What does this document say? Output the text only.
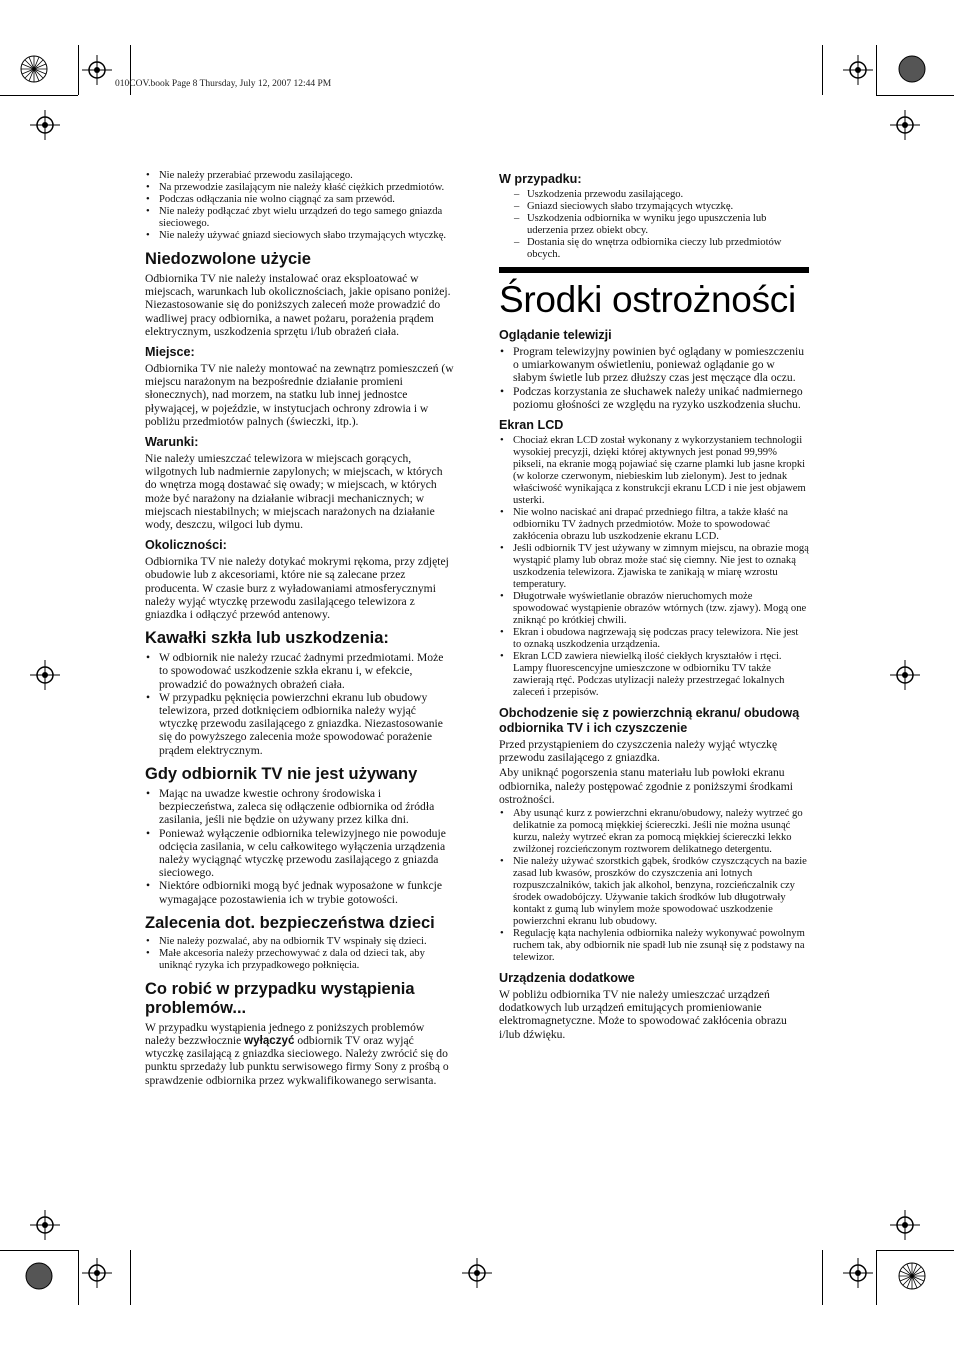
010COV.book Page 8 Thursday, July 12, 2007 12:44 PM
• Nie należy przerabiać przewodu zasilającego.
• Na przewodzie zasilającym nie należy kłaść ciężkich przedmiotów.
• Podczas odłączania nie wolno ciągnąć za sam przewód.
• Nie należy podłączać zbyt wielu urządzeń do tego samego gniazda sieciowego.
• Nie należy używać gniazd sieciowych słabo trzymających wtyczkę.
Niedozwolone użycie

Odbiornika TV nie należy instalować oraz eksploatować w miejscach, warunkach lub okolicznościach, jakie opisano poniżej. Niezastosowanie się do poniższych zaleceń może prowadzić do wadliwej pracy odbiornika, a nawet pożaru, porażenia prądem elektrycznym, uszkodzenia sprzętu i/lub obrażeń ciała.

Miejsce:

Odbiornika TV nie należy montować na zewnątrz pomieszczeń (w miejscu narażonym na bezpośrednie działanie promieni słonecznych), nad morzem, na statku lub innej jednostce pływającej, w pojeździe, w instytucjach ochrony zdrowia i w pobliżu przedmiotów palnych (świeczki, itp.).

Warunki:

Nie należy umieszczać telewizora w miejscach gorących, wilgotnych lub nadmiernie zapylonych; w miejscach, w których do wnętrza mogą dostawać się owady; w miejscach, w których może być narażony na działanie wibracji mechanicznych; w miejscach niestabilnych; w miejscach narażonych na działanie wody, deszczu, wilgoci lub dymu.

Okoliczności:

Odbiornika TV nie należy dotykać mokrymi rękoma, przy zdjętej obudowie lub z akcesoriami, które nie są zalecane przez producenta. W czasie burz z wyładowaniami atmosferycznymi należy wyjąć wtyczkę przewodu zasilającego telewizora z gniazdka i odłączyć przewód antenowy.

Kawałki szkła lub uszkodzenia:
• W odbiornik nie należy rzucać żadnymi przedmiotami. Może to spowodować uszkodzenie szkła ekranu i, w efekcie, prowadzić do poważnych obrażeń ciała.
• W przypadku pęknięcia powierzchni ekranu lub obudowy telewizora, przed dotknięciem odbiornika należy wyjąć wtyczkę przewodu zasilającego z gniazdka. Niezastosowanie się do powyższego zalecenia może spowodować porażenie prądem elektrycznym.
Gdy odbiornik TV nie jest używany
• Mając na uwadze kwestie ochrony środowiska i bezpieczeństwa, zaleca się odłączenie odbiornika od źródła zasilania, jeśli nie będzie on używany przez kilka dni.
• Ponieważ wyłączenie odbiornika telewizyjnego nie powoduje odcięcia zasilania, w celu całkowitego wyłączenia urządzenia należy wyciągnąć wtyczkę przewodu zasilającego z gniazda sieciowego.
• Niektóre odbiorniki mogą być jednak wyposażone w funkcje wymagające pozostawienia ich w trybie gotowości.
Zalecenia dot. bezpieczeństwa dzieci
• Nie należy pozwalać, aby na odbiornik TV wspinały się dzieci.
• Małe akcesoria należy przechowywać z dala od dzieci tak, aby uniknąć ryzyka ich przypadkowego połknięcia.
Co robić w przypadku wystąpienia problemów...

W przypadku wystąpienia jednego z poniższych problemów należy bezzwłocznie wyłączyć odbiornik TV oraz wyjąć wtyczkę zasilającą z gniazdka sieciowego. Należy zwrócić się do punktu sprzedaży lub punktu serwisowego firmy Sony z prośbą o sprawdzenie odbiornika przez wykwalifikowanego serwisanta.

W przypadku:
– Uszkodzenia przewodu zasilającego.
– Gniazd sieciowych słabo trzymających wtyczkę.
– Uszkodzenia odbiornika w wyniku jego upuszczenia lub uderzenia przez obiekt obcy.
– Dostania się do wnętrza odbiornika cieczy lub przedmiotów obcych.
Środki ostrożności
Oglądanie telewizji
• Program telewizyjny powinien być oglądany w pomieszczeniu o umiarkowanym oświetleniu, ponieważ oglądanie go w słabym świetle lub przez dłuższy czas jest męczące dla oczu.
• Podczas korzystania ze słuchawek należy unikać nadmiernego poziomu głośności ze względu na ryzyko uszkodzenia słuchu.
Ekran LCD
• Chociaż ekran LCD został wykonany z wykorzystaniem technologii wysokiej precyzji, dzięki której aktywnych jest ponad 99,99% pikseli, na ekranie mogą pojawiać się czarne plamki lub jasne kropki (w kolorze czerwonym, niebieskim lub zielonym). Jest to jednak właściwość wynikająca z konstrukcji ekranu LCD i nie jest objawem usterki.
• Nie wolno naciskać ani drapać przedniego filtra, a także kłaść na odbiorniku TV żadnych przedmiotów. Może to spowodować zakłócenia obrazu lub uszkodzenie ekranu LCD.
• Jeśli odbiornik TV jest używany w zimnym miejscu, na obrazie mogą wystąpić plamy lub obraz może stać się ciemny. Nie jest to oznaką uszkodzenia telewizora. Zjawiska te zanikają w miarę wzrostu temperatury.
• Długotrwałe wyświetlanie obrazów nieruchomych może spowodować wystąpienie obrazów wtórnych (tzw. zjawy). Mogą one zniknąć po krótkiej chwili.
• Ekran i obudowa nagrzewają się podczas pracy telewizora. Nie jest to oznaką uszkodzenia urządzenia.
• Ekran LCD zawiera niewielką ilość ciekłych kryształów i rtęci. Lampy fluorescencyjne umieszczone w odbiorniku TV także zawierają rtęć. Podczas utylizacji należy przestrzegać lokalnych zaleceń i przepisów.
Obchodzenie się z powierzchnią ekranu/ obudową odbiornika TV i ich czyszczenie

Przed przystąpieniem do czyszczenia należy wyjąć wtyczkę przewodu zasilającego z gniazdka.

Aby uniknąć pogorszenia stanu materiału lub powłoki ekranu odbiornika, należy postępować zgodnie z poniższymi środkami ostrożności.

• Aby usunąć kurz z powierzchni ekranu/obudowy, należy wytrzeć go delikatnie za pomocą miękkiej ściereczki. Jeśli nie można usunąć kurzu, należy wytrzeć ekran za pomocą miękkiej ściereczki lekko zwilżonej rozcieńczonym roztworem delikatnego detergentu.
• Nie należy używać szorstkich gąbek, środków czyszczących na bazie zasad lub kwasów, proszków do czyszczenia ani lotnych rozpuszczalników, takich jak alkohol, benzyna, rozcieńczalnik czy środek owadobójczy. Używanie takich środków lub długotrwały kontakt z gumą lub winylem może spowodować uszkodzenie powierzchni ekranu lub obudowy.
• Regulację kąta nachylenia odbiornika należy wykonywać powolnym ruchem tak, aby odbiornik nie spadł lub nie zsunął się z podstawy na telewizor.
Urządzenia dodatkowe

W pobliżu odbiornika TV nie należy umieszczać urządzeń dodatkowych lub urządzeń emitujących promieniowanie elektromagnetyczne. Może to spowodować zakłócenia obrazu i/lub dźwięku.
